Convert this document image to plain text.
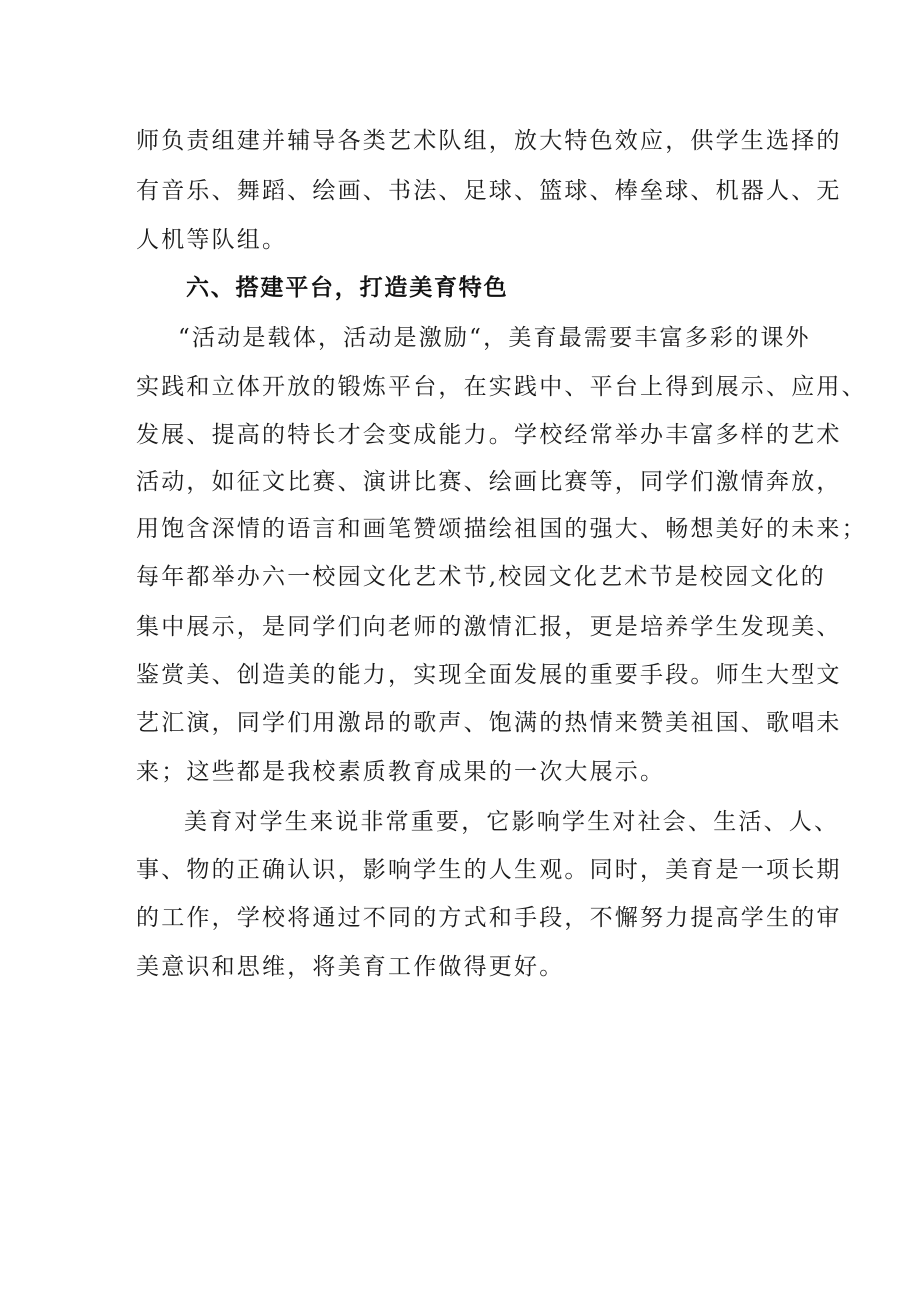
师负责组建并辅导各类艺术队组，放大特色效应，供学生选择的
有音乐、舞蹈、绘画、书法、足球、篮球、棒垒球、机器人、无
人机等队组。
六、搭建平台，打造美育特色
“活动是载体，活动是激励“，美育最需要丰富多彩的课外
实践和立体开放的锻炼平台，在实践中、平台上得到展示、应用、
发展、提高的特长才会变成能力。学校经常举办丰富多样的艺术
活动，如征文比赛、演讲比赛、绘画比赛等，同学们激情奔放，
用饱含深情的语言和画笔赞颂描绘祖国的强大、畅想美好的未来；
每年都举办六一校园文化艺术节,校园文化艺术节是校园文化的
集中展示，是同学们向老师的激情汇报，更是培养学生发现美、
鉴赏美、创造美的能力，实现全面发展的重要手段。师生大型文
艺汇演，同学们用激昂的歌声、饱满的热情来赞美祖国、歌唱未
来；这些都是我校素质教育成果的一次大展示。
美育对学生来说非常重要，它影响学生对社会、生活、人、
事、物的正确认识，影响学生的人生观。同时，美育是一项长期
的工作，学校将通过不同的方式和手段，不懈努力提高学生的审
美意识和思维，将美育工作做得更好。
